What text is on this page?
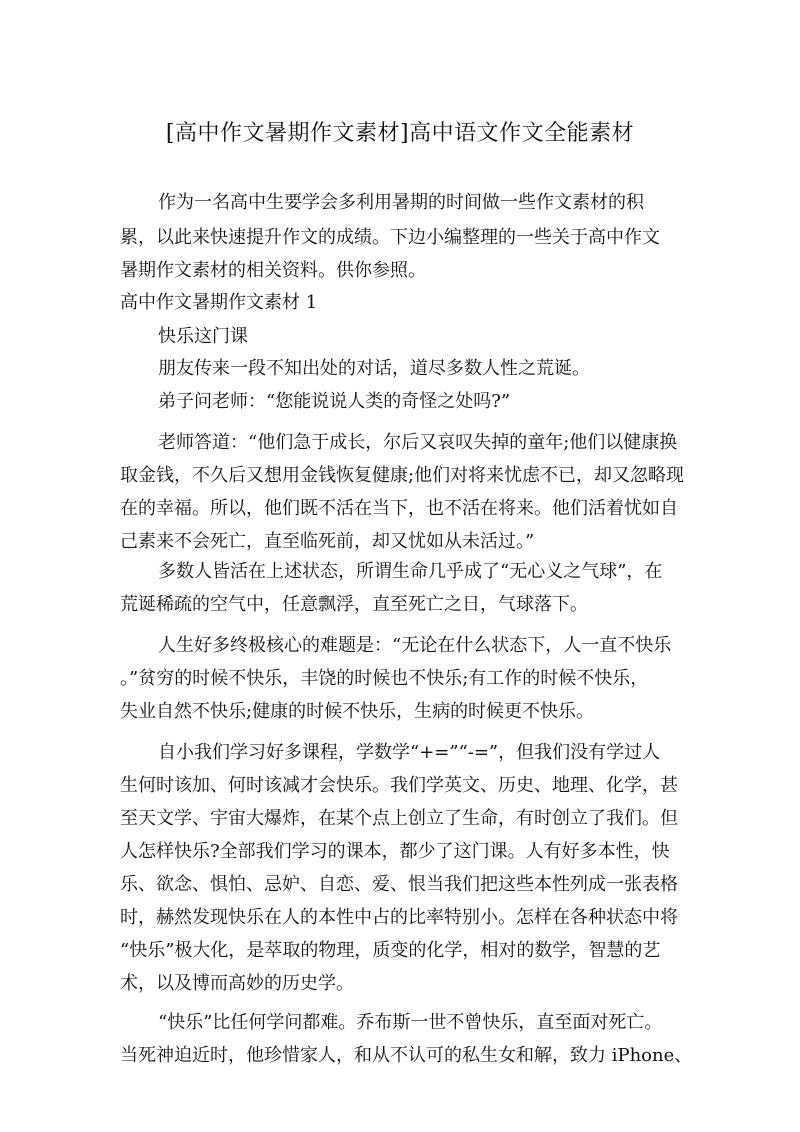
[高中作文暑期作文素材]高中语文作文全能素材
作为一名高中生要学会多利用暑期的时间做一些作文素材的积
累，以此来快速提升作文的成绩。下边小编整理的一些关于高中作文
暑期作文素材的相关资料。供你参照。
高中作文暑期作文素材 1
快乐这门课
朋友传来一段不知出处的对话，道尽多数人性之荒诞。
弟子问老师：“您能说说人类的奇怪之处吗?”
老师答道：“他们急于成长，尔后又哀叹失掉的童年;他们以健康换
取金钱，不久后又想用金钱恢复健康;他们对将来忧虑不已，却又忽略现
在的幸福。所以，他们既不活在当下，也不活在将来。他们活着忧如自
己素来不会死亡，直至临死前，却又忧如从未活过。”
多数人皆活在上述状态，所谓生命几乎成了“无心义之气球”，在
荒诞稀疏的空气中，任意飘浮，直至死亡之日，气球落下。
人生好多终极核心的难题是：“无论在什么状态下，人一直不快乐
。”贫穷的时候不快乐，丰饶的时候也不快乐;有工作的时候不快乐，
失业自然不快乐;健康的时候不快乐，生病的时候更不快乐。
自小我们学习好多课程，学数学“+=”“-=”，但我们没有学过人
生何时该加、何时该减才会快乐。我们学英文、历史、地理、化学，甚
至天文学、宇宙大爆炸，在某个点上创立了生命，有时创立了我们。但
人怎样快乐?全部我们学习的课本，都少了这门课。人有好多本性，快
乐、欲念、惧怕、忌妒、自恋、爱、恨当我们把这些本性列成一张表格
时，赫然发现快乐在人的本性中占的比率特别小。怎样在各种状态中将
“快乐”极大化，是萃取的物理，质变的化学，相对的数学，智慧的艺
术，以及博而高妙的历史学。
“快乐”比任何学问都难。乔布斯一世不曾快乐，直至面对死亡。
当死神迫近时，他珍惜家人，和从不认可的私生女和解，致力 iPhone、
